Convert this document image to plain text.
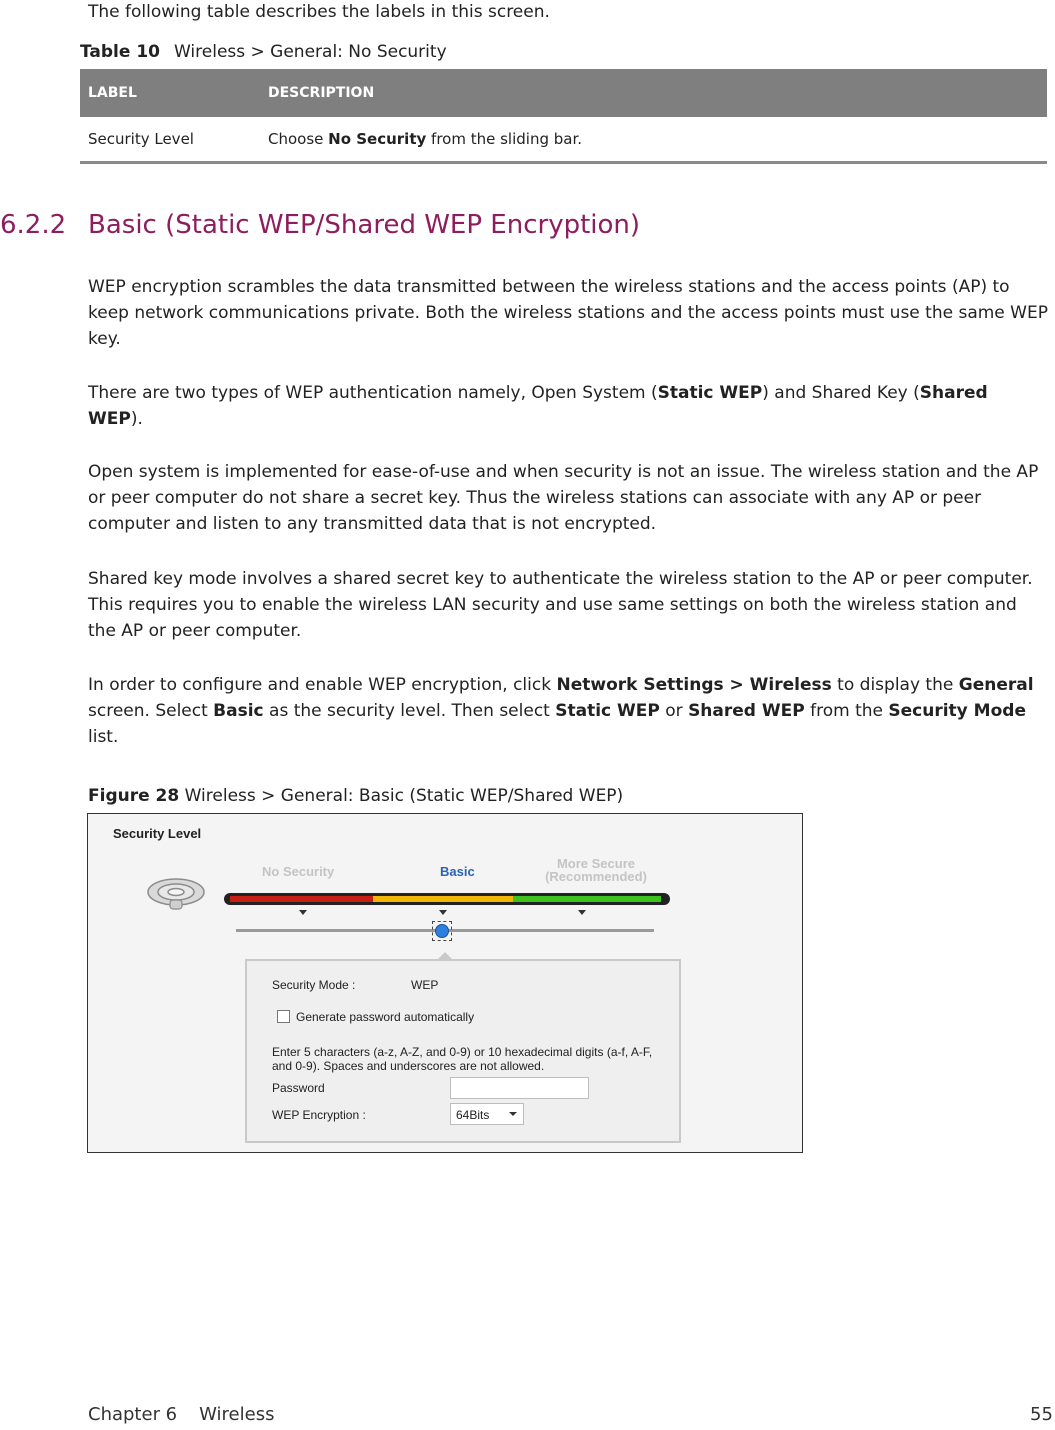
The following table describes the labels in this screen.
Table 10 Wireless > General: No Security
LABEL	DESCRIPTION
Security Level	Choose No Security from the sliding bar.
6.2.2 Basic (Static WEP/Shared WEP Encryption)
WEP encryption scrambles the data transmitted between the wireless stations and the access points (AP) to keep network communications private. Both the wireless stations and the access points must use the same WEP key.
There are two types of WEP authentication namely, Open System (Static WEP) and Shared Key (Shared WEP).
Open system is implemented for ease-of-use and when security is not an issue. The wireless station and the AP or peer computer do not share a secret key. Thus the wireless stations can associate with any AP or peer computer and listen to any transmitted data that is not encrypted.
Shared key mode involves a shared secret key to authenticate the wireless station to the AP or peer computer. This requires you to enable the wireless LAN security and use same settings on both the wireless station and the AP or peer computer.
In order to configure and enable WEP encryption, click Network Settings > Wireless to display the General screen. Select Basic as the security level. Then select Static WEP or Shared WEP from the Security Mode list.
Figure 28 Wireless > General: Basic (Static WEP/Shared WEP)
Security Level
No Security	Basic
More Secure
(Recommended)
Security Mode :	WEP
Generate password automatically
Enter 5 characters (a-z, A-Z, and 0-9) or 10 hexadecimal digits (a-f, A-F, and 0-9). Spaces and underscores are not allowed.
Password
WEP Encryption :	64Bits
Chapter 6 Wireless	55
